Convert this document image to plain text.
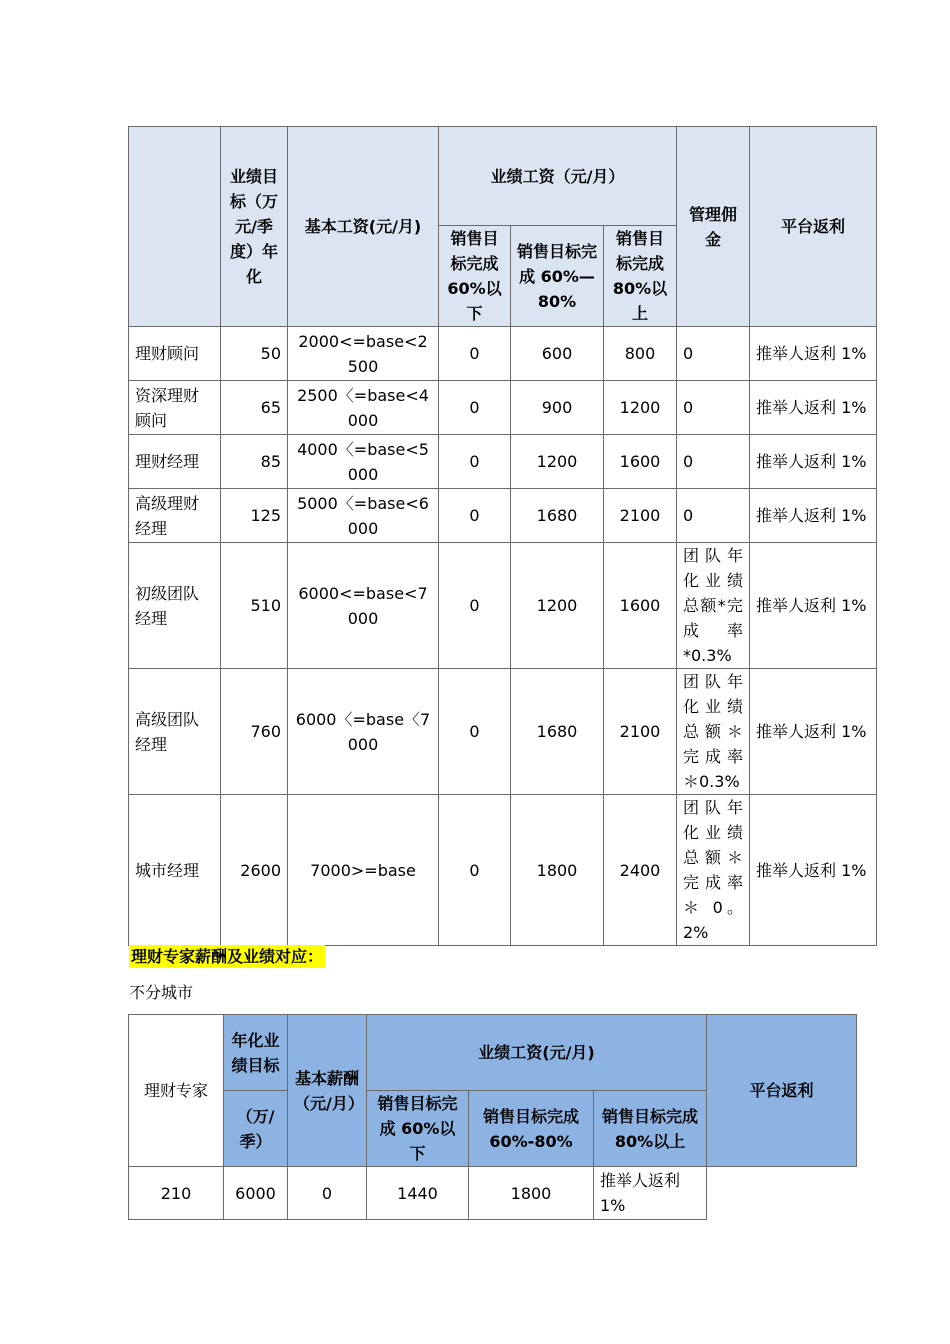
	业绩目标（万元/季度）年化	基本工资(元/月)	业绩工资（元/月）			管理佣金	平台返利
			销售目标完成60%以下	销售目标完成 60%—80%	销售目标完成80%以上		
理财顾问	50	2000<=base<2500	0	600	800	0	推举人返利 1%
资深理财顾问	65	2500〈=base<4000	0	900	1200	0	推举人返利 1%
理财经理	85	4000〈=base<5000	0	1200	1600	0	推举人返利 1%
高级理财经理	125	5000〈=base<6000	0	1680	2100	0	推举人返利 1%
初级团队经理	510	6000<=base<7000	0	1200	1600	团队年化业绩总额*完成 率 *0.3%	推举人返利 1%
高级团队经理	760	6000〈=base〈7000	0	1680	2100	团队年化业绩总额＊完成率＊0.3%	推举人返利 1%
城市经理	2600	7000>=base	0	1800	2400	团队年化业绩总额＊完成率＊ 0。2%	推举人返利 1%
理财专家薪酬及业绩对应：
不分城市
理财专家	年化业绩目标	基本薪酬（元/月）	业绩工资(元/月)			平台返利
	（万/季）		销售目标完成 60%以下	销售目标完成 60%-80%	销售目标完成 80%以上	

210	6000	0	1440	1800	推举人返利 1%	
